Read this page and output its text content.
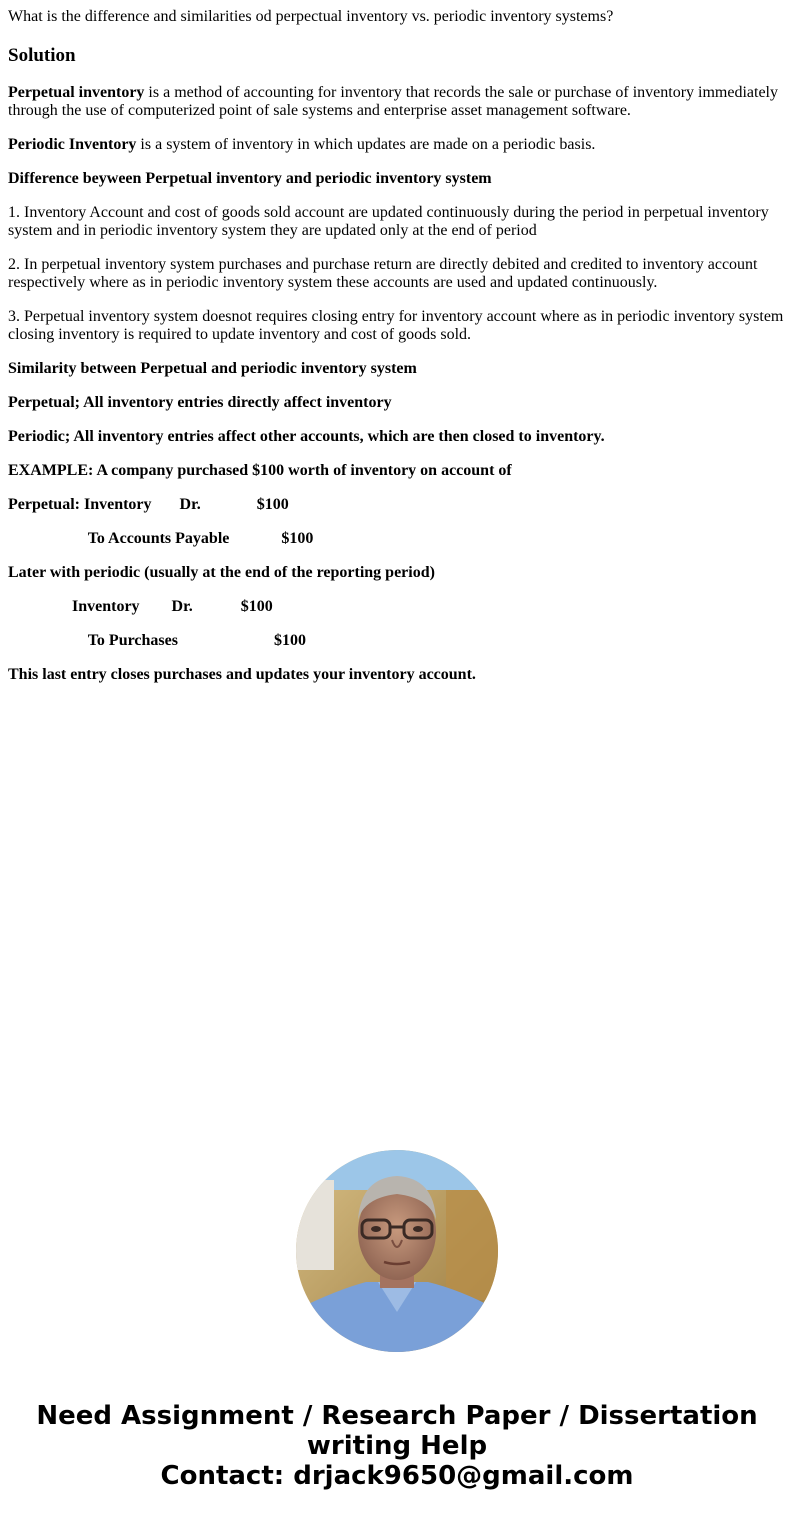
What is the difference and similarities od perpectual inventory vs. periodic inventory systems?

Solution

Perpetual inventory is a method of accounting for inventory that records the sale or purchase of inventory immediately through the use of computerized point of sale systems and enterprise asset management software.

Periodic Inventory is a system of inventory in which updates are made on a periodic basis.

Difference beyween Perpetual inventory and periodic inventory system

1. Inventory Account and cost of goods sold account are updated continuously during the period in perpetual inventory system and in periodic inventory system they are updated only at the end of period

2. In perpetual inventory system purchases and purchase return are directly debited and credited to inventory account respectively where as in periodic inventory system these accounts are used and updated continuously.

3. Perpetual inventory system doesnot requires closing entry for inventory account where as in periodic inventory system closing inventory is required to update inventory and cost of goods sold.

Similarity between Perpetual and periodic inventory system

Perpetual; All inventory entries directly affect inventory

Periodic; All inventory entries affect other accounts, which are then closed to inventory.

EXAMPLE: A company purchased $100 worth of inventory on account of

Perpetual: Inventory       Dr.              $100

To Accounts Payable             $100

Later with periodic (usually at the end of the reporting period)

Inventory        Dr.            $100

To Purchases                        $100

This last entry closes purchases and updates your inventory account.

Need Assignment / Research Paper / Dissertation
writing Help
Contact: drjack9650@gmail.com
